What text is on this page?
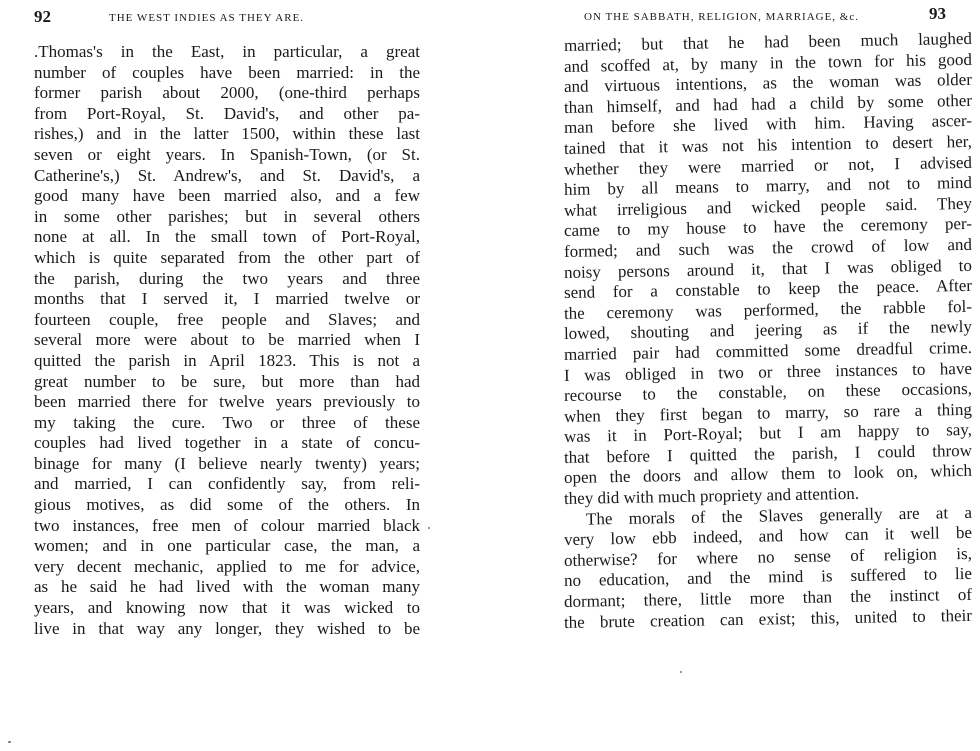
92	THE WEST INDIES AS THEY ARE.
.Thomas's in the East, in particular, a great
number of couples have been married: in the
former parish about 2000, (one-third perhaps
from Port-Royal, St. David's, and other pa-
rishes,) and in the latter 1500, within these last
seven or eight years. In Spanish-Town, (or St.
Catherine's,) St. Andrew's, and St. David's, a
good many have been married also, and a few
in some other parishes; but in several others
none at all. In the small town of Port-Royal,
which is quite separated from the other part of
the parish, during the two years and three
months that I served it, I married twelve or
fourteen couple, free people and Slaves; and
several more were about to be married when I
quitted the parish in April 1823. This is not a
great number to be sure, but more than had
been married there for twelve years previously to
my taking the cure. Two or three of these
couples had lived together in a state of concu-
binage for many (I believe nearly twenty) years;
and married, I can confidently say, from reli-
gious motives, as did some of the others. In
two instances, free men of colour married black
women; and in one particular case, the man, a
very decent mechanic, applied to me for advice,
as he said he had lived with the woman many
years, and knowing now that it was wicked to
live in that way any longer, they wished to be
ON THE SABBATH, RELIGION, MARRIAGE, &c.	93
married; but that he had been much laughed
and scoffed at, by many in the town for his good
and virtuous intentions, as the woman was older
than himself, and had had a child by some other
man before she lived with him. Having ascer-
tained that it was not his intention to desert her,
whether they were married or not, I advised
him by all means to marry, and not to mind
what irreligious and wicked people said. They
came to my house to have the ceremony per-
formed; and such was the crowd of low and
noisy persons around it, that I was obliged to
send for a constable to keep the peace. After
the ceremony was performed, the rabble fol-
lowed, shouting and jeering as if the newly
married pair had committed some dreadful crime.
I was obliged in two or three instances to have
recourse to the constable, on these occasions,
when they first began to marry, so rare a thing
was it in Port-Royal; but I am happy to say,
that before I quitted the parish, I could throw
open the doors and allow them to look on, which
they did with much propriety and attention.
The morals of the Slaves generally are at a
very low ebb indeed, and how can it well be
otherwise? for where no sense of religion is,
no education, and the mind is suffered to lie
dormant; there, little more than the instinct of
the brute creation can exist; this, united to their
